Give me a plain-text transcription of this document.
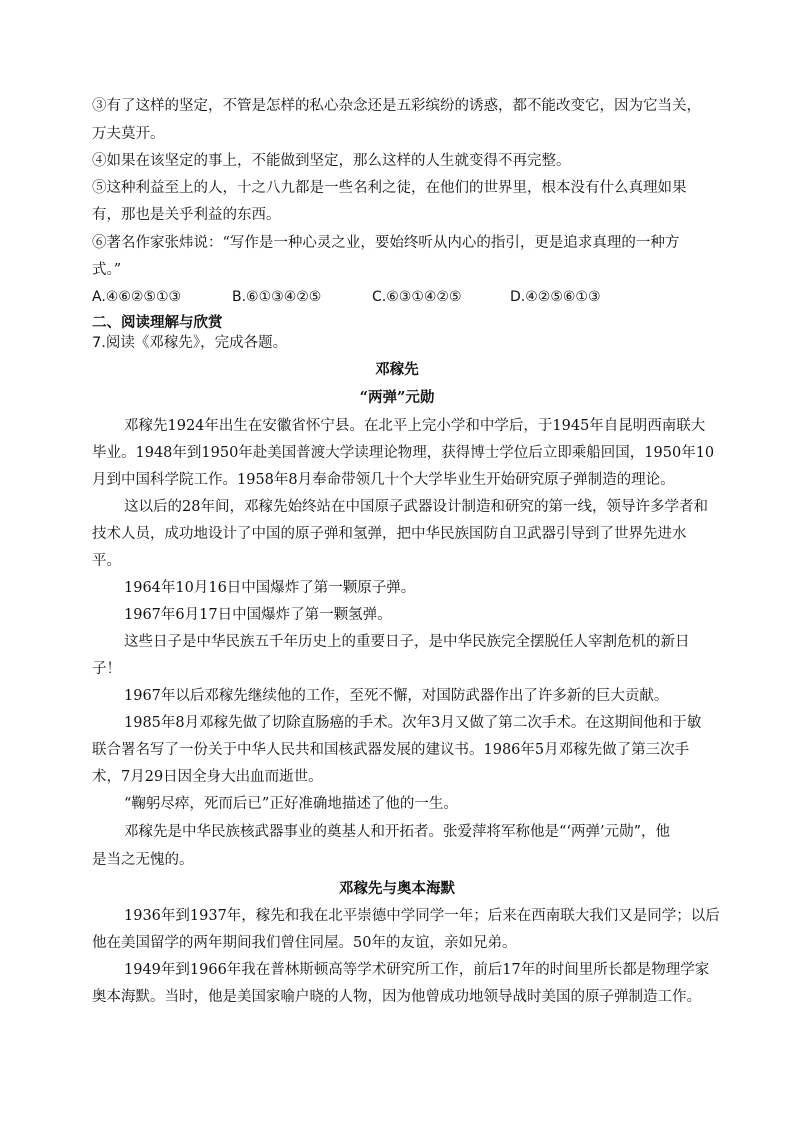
③有了这样的坚定，不管是怎样的私心杂念还是五彩缤纷的诱惑，都不能改变它，因为它当关，
万夫莫开。
④如果在该坚定的事上，不能做到坚定，那么这样的人生就变得不再完整。
⑤这种利益至上的人，十之八九都是一些名利之徒，在他们的世界里，根本没有什么真理如果
有，那也是关乎利益的东西。
⑥著名作家张炜说：“写作是一种心灵之业，要始终听从内心的指引，更是追求真理的一种方
式。”
A.④⑥②⑤①③	B.⑥①③④②⑤	C.⑥③①④②⑤	D.④②⑤⑥①③
二、阅读理解与欣赏
7.阅读《邓稼先》，完成各题。
邓稼先
“两弹”元勋
邓稼先1924年出生在安徽省怀宁县。在北平上完小学和中学后，于1945年自昆明西南联大
毕业。1948年到1950年赴美国普渡大学读理论物理，获得博士学位后立即乘船回国，1950年10
月到中国科学院工作。1958年8月奉命带领几十个大学毕业生开始研究原子弹制造的理论。
这以后的28年间，邓稼先始终站在中国原子武器设计制造和研究的第一线，领导许多学者和
技术人员，成功地设计了中国的原子弹和氢弹，把中华民族国防自卫武器引导到了世界先进水
平。
1964年10月16日中国爆炸了第一颗原子弹。
1967年6月17日中国爆炸了第一颗氢弹。
这些日子是中华民族五千年历史上的重要日子，是中华民族完全摆脱任人宰割危机的新日
子！
1967年以后邓稼先继续他的工作，至死不懈，对国防武器作出了许多新的巨大贡献。
1985年8月邓稼先做了切除直肠癌的手术。次年3月又做了第二次手术。在这期间他和于敏
联合署名写了一份关于中华人民共和国核武器发展的建议书。1986年5月邓稼先做了第三次手
术，7月29日因全身大出血而逝世。
“鞠躬尽瘁，死而后已”正好准确地描述了他的一生。
邓稼先是中华民族核武器事业的奠基人和开拓者。张爱萍将军称他是“‘两弹’元勋”，他
是当之无愧的。
邓稼先与奥本海默
1936年到1937年，稼先和我在北平崇德中学同学一年；后来在西南联大我们又是同学；以后
他在美国留学的两年期间我们曾住同屋。50年的友谊，亲如兄弟。
1949年到1966年我在普林斯顿高等学术研究所工作，前后17年的时间里所长都是物理学家
奥本海默。当时，他是美国家喻户晓的人物，因为他曾成功地领导战时美国的原子弹制造工作。
